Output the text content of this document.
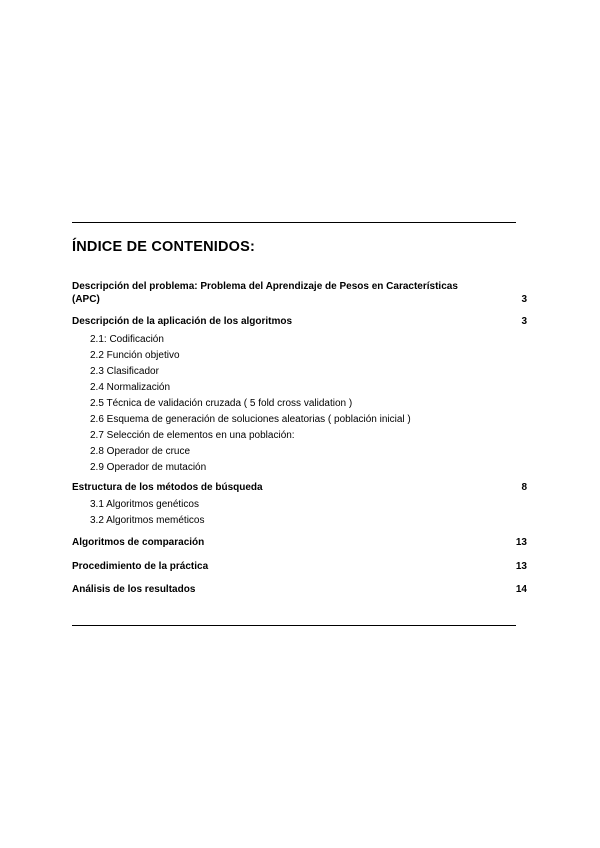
ÍNDICE DE CONTENIDOS:
Descripción del problema: Problema del Aprendizaje de Pesos en Características (APC)	3
Descripción de la aplicación de los algoritmos	3
2.1: Codificación
2.2 Función objetivo
2.3 Clasificador
2.4 Normalización
2.5 Técnica de validación cruzada ( 5 fold cross validation )
2.6 Esquema de generación de soluciones aleatorias ( población inicial )
2.7 Selección de elementos en una población:
2.8 Operador de cruce
2.9 Operador de mutación
Estructura de los métodos de búsqueda	8
3.1 Algoritmos genéticos
3.2 Algoritmos meméticos
Algoritmos de comparación	13
Procedimiento de la práctica	13
Análisis de los resultados	14
